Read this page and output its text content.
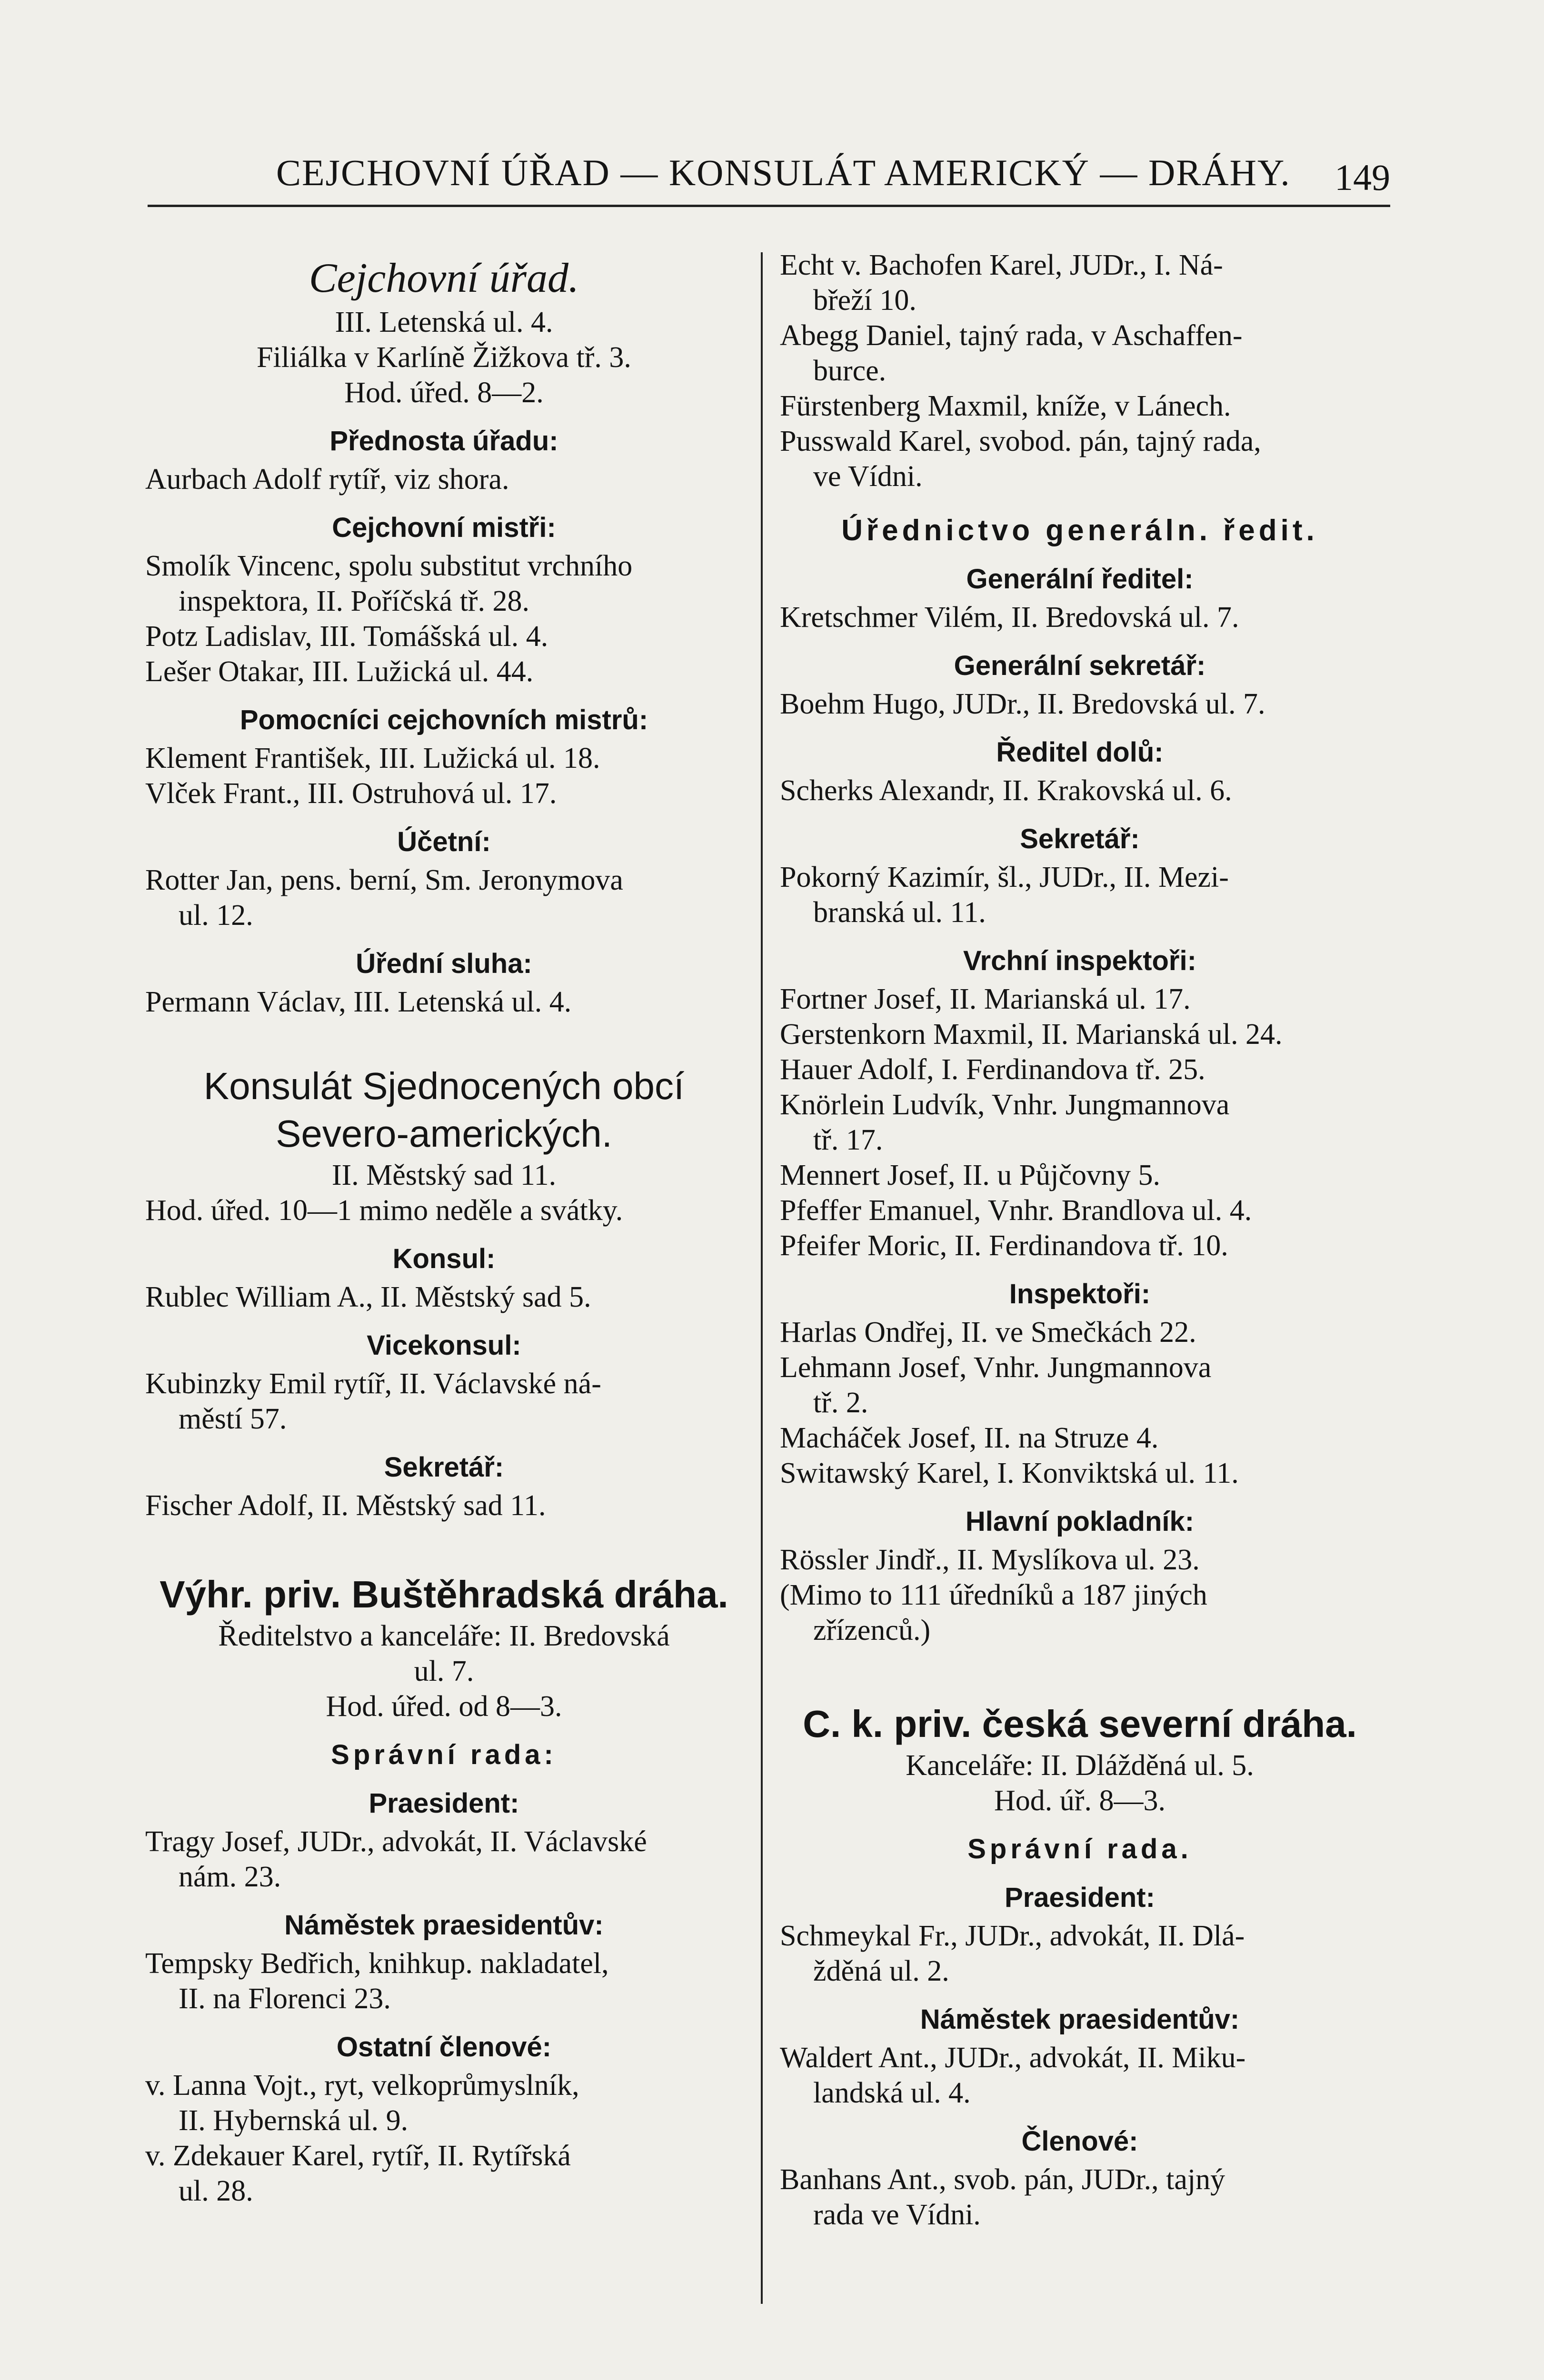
CEJCHOVNÍ ÚŘAD — KONSULÁT AMERICKÝ — DRÁHY. 149
Cejchovní úřad.
III. Letenská ul. 4.
Filiálka v Karlíně Žižkova tř. 3.
Hod. úřed. 8—2.
Přednosta úřadu:
Aurbach Adolf rytíř, viz shora.
Cejchovní mistři:
Smolík Vincenc, spolu substitut vrchního
inspektora, II. Poříčská tř. 28.
Potz Ladislav, III. Tomášská ul. 4.
Lešer Otakar, III. Lužická ul. 44.
Pomocníci cejchovních mistrů:
Klement František, III. Lužická ul. 18.
Vlček Frant., III. Ostruhová ul. 17.
Účetní:
Rotter Jan, pens. berní, Sm. Jeronymova
ul. 12.
Úřední sluha:
Permann Václav, III. Letenská ul. 4.
Konsulát Sjednocených obcí
Severo-amerických.
II. Městský sad 11.
Hod. úřed. 10—1 mimo neděle a svátky.
Konsul:
Rublec William A., II. Městský sad 5.
Vicekonsul:
Kubinzky Emil rytíř, II. Václavské ná-
městí 57.
Sekretář:
Fischer Adolf, II. Městský sad 11.
Výhr. priv. Buštěhradská dráha.
Ředitelstvo a kanceláře: II. Bredovská
ul. 7.
Hod. úřed. od 8—3.
Správní rada:
Praesident:
Tragy Josef, JUDr., advokát, II. Václavské
nám. 23.
Náměstek praesidentův:
Tempsky Bedřich, knihkup. nakladatel,
II. na Florenci 23.
Ostatní členové:
v. Lanna Vojt., ryt, velkoprůmyslník,
II. Hybernská ul. 9.
v. Zdekauer Karel, rytíř, II. Rytířská
ul. 28.
Echt v. Bachofen Karel, JUDr., I. Ná-
břeží 10.
Abegg Daniel, tajný rada, v Aschaffen-
burce.
Fürstenberg Maxmil, kníže, v Lánech.
Pusswald Karel, svobod. pán, tajný rada,
ve Vídni.
Úřednictvo generáln. ředit.
Generální ředitel:
Kretschmer Vilém, II. Bredovská ul. 7.
Generální sekretář:
Boehm Hugo, JUDr., II. Bredovská ul. 7.
Ředitel dolů:
Scherks Alexandr, II. Krakovská ul. 6.
Sekretář:
Pokorný Kazimír, šl., JUDr., II. Mezi-
branská ul. 11.
Vrchní inspektoři:
Fortner Josef, II. Marianská ul. 17.
Gerstenkorn Maxmil, II. Marianská ul. 24.
Hauer Adolf, I. Ferdinandova tř. 25.
Knörlein Ludvík, Vnhr. Jungmannova
tř. 17.
Mennert Josef, II. u Půjčovny 5.
Pfeffer Emanuel, Vnhr. Brandlova ul. 4.
Pfeifer Moric, II. Ferdinandova tř. 10.
Inspektoři:
Harlas Ondřej, II. ve Smečkách 22.
Lehmann Josef, Vnhr. Jungmannova
tř. 2.
Macháček Josef, II. na Struze 4.
Switawský Karel, I. Konviktská ul. 11.
Hlavní pokladník:
Rössler Jindř., II. Myslíkova ul. 23.
(Mimo to 111 úředníků a 187 jiných
zřízenců.)
C. k. priv. česká severní dráha.
Kanceláře: II. Dlážděná ul. 5.
Hod. úř. 8—3.
Správní rada.
Praesident:
Schmeykal Fr., JUDr., advokát, II. Dlá-
žděná ul. 2.
Náměstek praesidentův:
Waldert Ant., JUDr., advokát, II. Miku-
landská ul. 4.
Členové:
Banhans Ant., svob. pán, JUDr., tajný
rada ve Vídni.
